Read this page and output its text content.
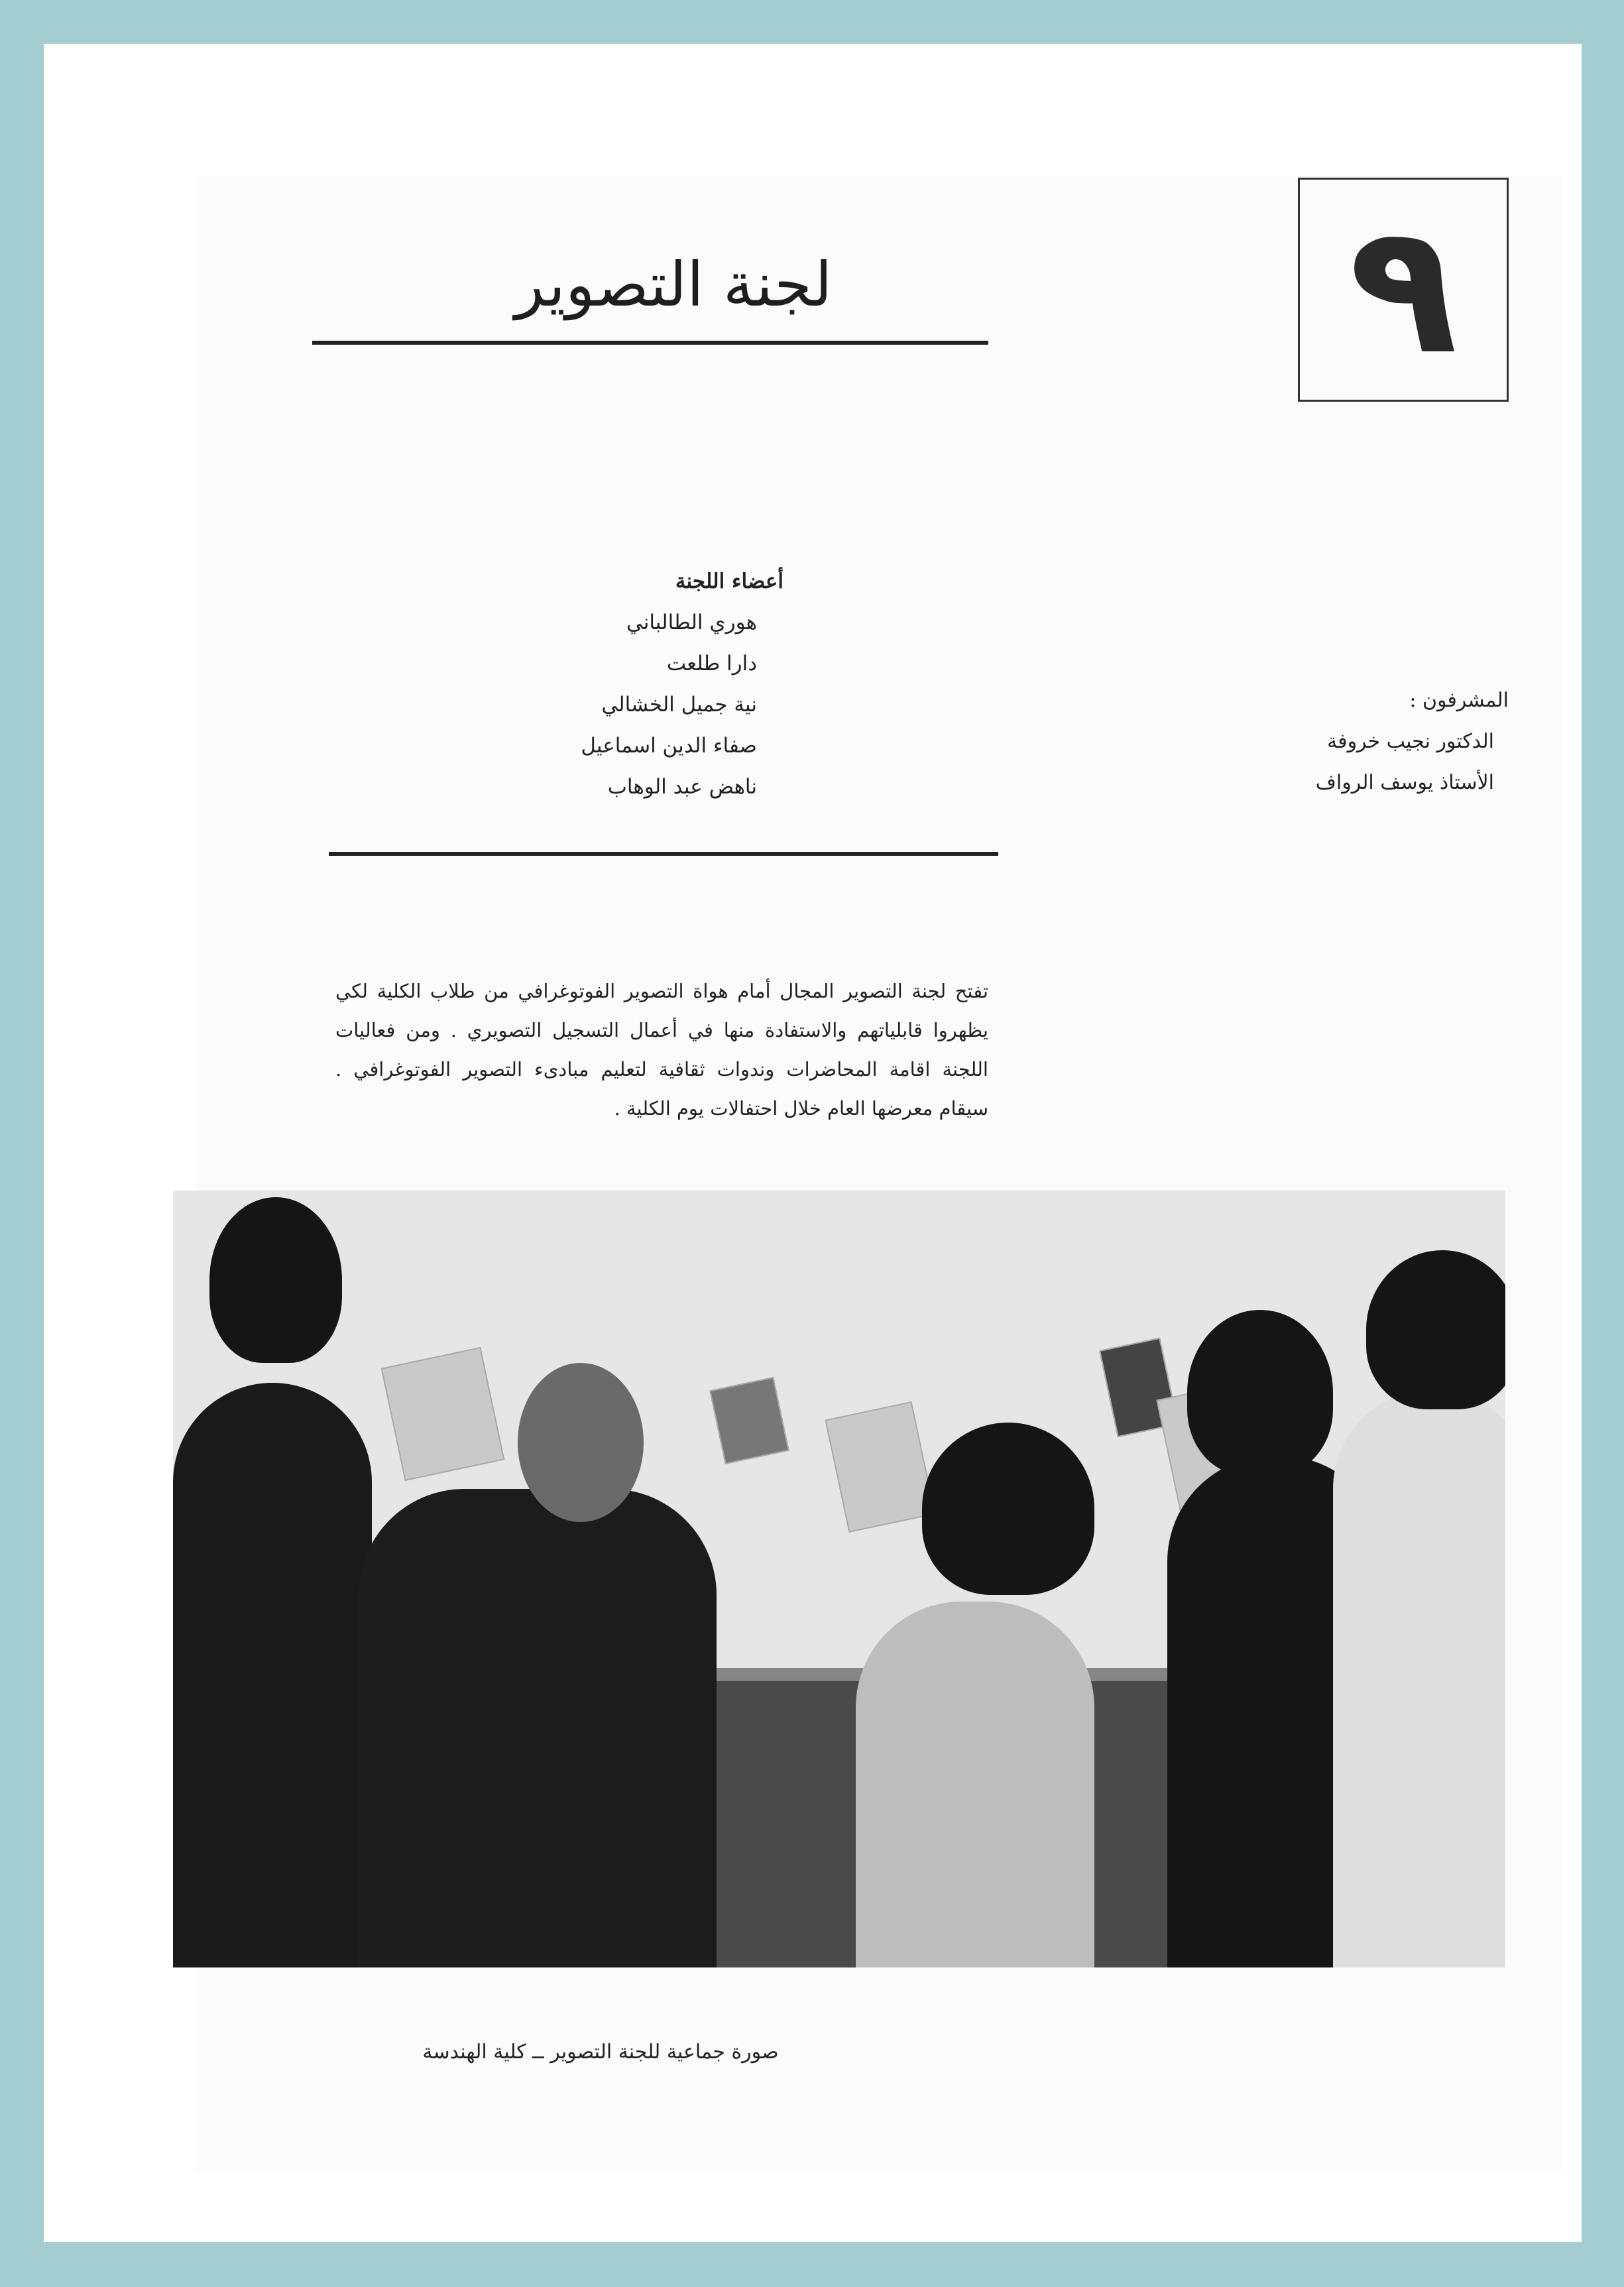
٩
لجنة التصوير
أعضاء اللجنة
هوري الطالباني
دارا طلعت
نية جميل الخشالي
صفاء الدين اسماعيل
ناهض عبد الوهاب
المشرفون :
الدكتور نجيب خروفة
الأستاذ يوسف الرواف
تفتح لجنة التصوير المجال أمام هواة التصوير الفوتوغرافي من طلاب الكلية لكي يظهروا قابلياتهم والاستفادة منها في أعمال التسجيل التصويري . ومن فعاليات اللجنة اقامة المحاضرات وندوات ثقافية لتعليم مبادىء التصوير الفوتوغرافي . سيقام معرضها العام خلال احتفالات يوم الكلية .
صورة جماعية للجنة التصوير ــ كلية الهندسة
